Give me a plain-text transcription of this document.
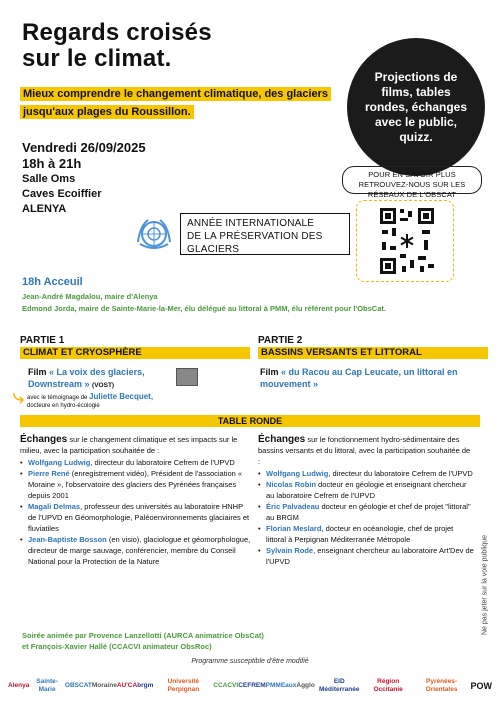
Regards croisés
sur le climat.
Mieux comprendre le changement climatique, des glaciers jusqu'aux plages du Roussillon.
Projections de films, tables rondes, échanges avec le public, quizz.
Vendredi 26/09/2025
18h à 21h
Salle Oms
Caves Ecoiffier
ALENYA
POUR EN SAVOIR PLUS RETROUVEZ-NOUS SUR LES RÉSEAUX DE L'OBSCAT
ANNÉE INTERNATIONALE
DE LA PRÉSERVATION DES GLACIERS
18h Acceuil
Jean-André Magdalou, maire d'Alenya
Edmond Jorda, maire de Sainte-Marie-la-Mer, élu délégué au littoral à PMM, élu référent pour l'ObsCat.
PARTIE 1
CLIMAT ET CRYOSPHÈRE
PARTIE 2
BASSINS VERSANTS ET LITTORAL
Film « La voix des glaciers, Downstream » (VOST)
avec le témoignage de Juliette Becquet,
docteure en hydro-écologie
Film « du Racou au Cap Leucate, un littoral en mouvement »
TABLE RONDE
Échanges sur le changement climatique et ses impacts sur le milieu, avec la participation souhaitée de :
• Wolfgang Ludwig, directeur du laboratoire Cefrem de l'UPVD
• Pierre René (enregistrement vidéo), Président de l'association « Moraine », l'observatoire des glaciers des Pyrénées françaises depuis 2001
• Magali Delmas, professeur des universités au laboratoire HNHP de l'UPVD en Géomorphologie, Paléoenvironnements glaciaires et fluviatiles
• Jean-Baptiste Bosson (en visio), glaciologue et géomorphologue, directeur de marge sauvage, conférencier, membre du Conseil National pour la Protection de la Nature
Échanges sur le fonctionnement hydro-sédimentaire des bassins versants et du littoral, avec la participation souhaitée de :
• Wolfgang Ludwig, directeur du laboratoire Cefrem de l'UPVD
• Nicolas Robin docteur en géologie et enseignant chercheur au laboratoire Cefrem de l'UPVD
• Éric Palvadeau docteur en géologie et chef de projet "littoral" au BRGM
• Florian Meslard, docteur en océanologie, chef de projet littoral à Perpignan Méditerranée Métropole
• Sylvain Rode, enseignant chercheur au laboratoire Art'Dev de l'UPVD
Soirée animée par Provence Lanzellotti (AURCA animatrice ObsCat)
et François-Xavier Hallé (CCACVI animateur ObsRoc)
Programme susceptible d'être modifié
Ne pas jeter sur la voie publique
Alenya
Sainte-Marie
OBSCAT Moraine AU'CA brgm
Université Perpignan
CCACVI CEFREM PMM Eaux Agglo
EID Méditerranée
Région Occitanie
Pyrénées-Orientales	POW
